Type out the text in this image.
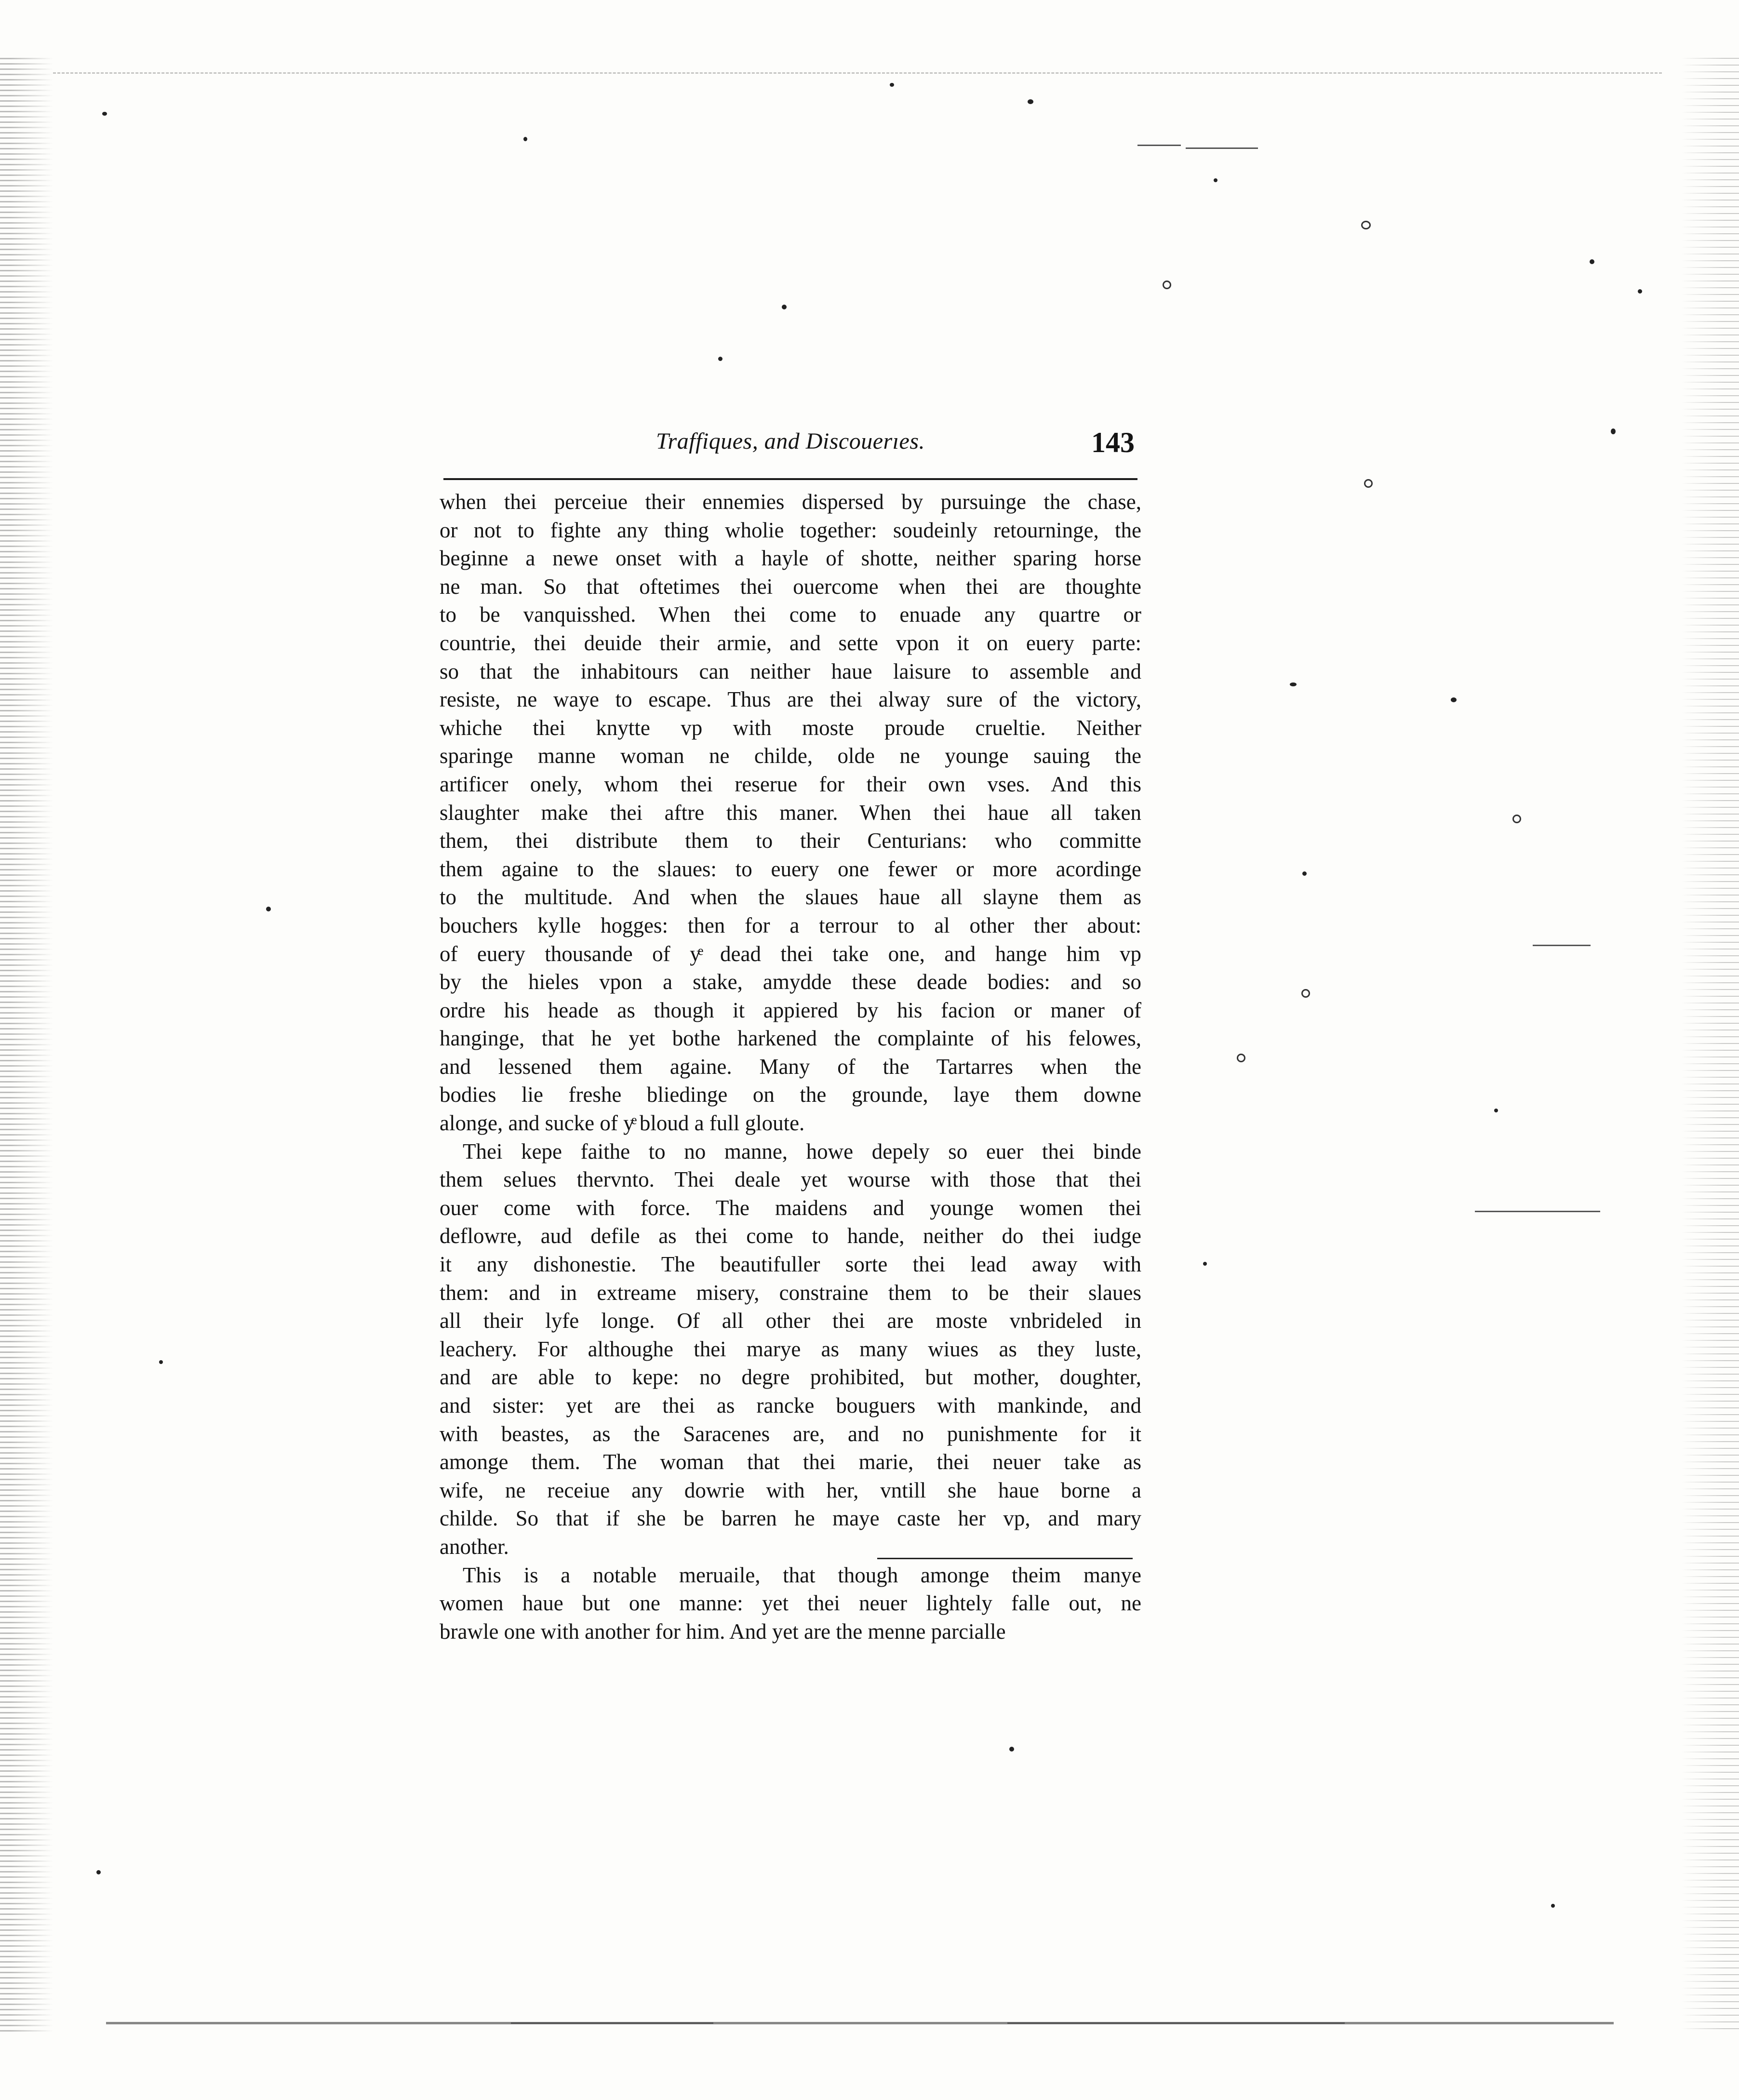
Traffiques, and Discouerıes.	143
when thei perceiue their ennemies dispersed by pursuinge the chase,
or not to fighte any thing wholie together: soudeinly retourninge, the
beginne a newe onset with a hayle of shotte, neither sparing horse
ne man. So that oftetimes thei ouercome when thei are thoughte
to be vanquisshed. When thei come to enuade any quartre or
countrie, thei deuide their armie, and sette vpon it on euery parte:
so that the inhabitours can neither haue laisure to assemble and
resiste, ne waye to escape. Thus are thei alway sure of the victory,
whiche thei knytte vp with moste proude crueltie. Neither
sparinge manne woman ne childe, olde ne younge sauing the
artificer onely, whom thei reserue for their own vses. And this
slaughter make thei aftre this maner. When thei haue all taken
them, thei distribute them to their Centurians: who committe
them againe to the slaues: to euery one fewer or more acordinge
to the multitude. And when the slaues haue all slayne them as
bouchers kylle hogges: then for a terrour to al other ther about:
of euery thousande of yͤ dead thei take one, and hange him vp
by the hieles vpon a stake, amydde these deade bodies: and so
ordre his heade as though it appiered by his facion or maner of
hanginge, that he yet bothe harkened the complainte of his felowes,
and lessened them againe. Many of the Tartarres when the
bodies lie freshe bliedinge on the grounde, laye them downe
alonge, and sucke of yͤ bloud a full gloute.
Thei kepe faithe to no manne, howe depely so euer thei binde
them selues thervnto. Thei deale yet wourse with those that thei
ouer come with force. The maidens and younge women thei
deflowre, aud defile as thei come to hande, neither do thei iudge
it any dishonestie. The beautifuller sorte thei lead away with
them: and in extreame misery, constraine them to be their slaues
all their lyfe longe. Of all other thei are moste vnbrideled in
leachery. For althoughe thei marye as many wiues as they luste,
and are able to kepe: no degre prohibited, but mother, doughter,
and sister: yet are thei as rancke bouguers with mankinde, and
with beastes, as the Saracenes are, and no punishmente for it
amonge them. The woman that thei marie, thei neuer take as
wife, ne receiue any dowrie with her, vntill she haue borne a
childe. So that if she be barren he maye caste her vp, and mary
another.
This is a notable meruaile, that though amonge theim manye
women haue but one manne: yet thei neuer lightely falle out, ne
brawle one with another for him. And yet are the menne parcialle
